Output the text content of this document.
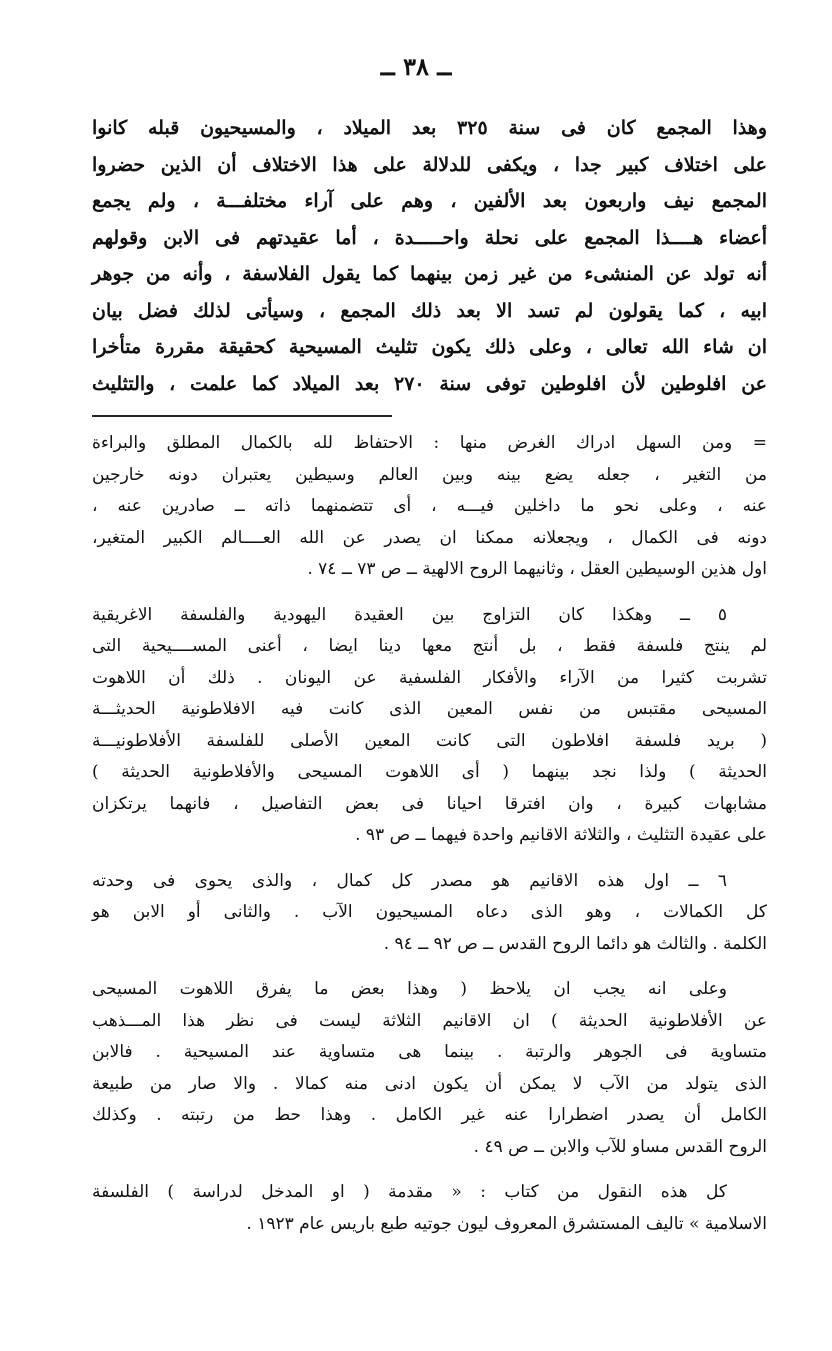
ــ ٣٨ ــ
وهذا المجمع كان فى سنة ٣٢٥ بعد الميلاد ، والمسيحيون قبله كانوا
على اختلاف كبير جدا ، ويكفى للدلالة على هذا الاختلاف أن الذين حضروا
المجمع نيف واربعون بعد الألفين ، وهم على آراء مختلفـــة ، ولم يجمع
أعضاء هــــذا المجمع على نحلة واحـــــدة ، أما عقيدتهم فى الابن وقولهم
أنه تولد عن المنشىء من غير زمن بينهما كما يقول الفلاسفة ، وأنه من جوهر
ابيه ، كما يقولون لم تسد الا بعد ذلك المجمع ، وسيأتى لذلك فضل بيان
ان شاء الله تعالى ، وعلى ذلك يكون تثليث المسيحية كحقيقة مقررة متأخرا
عن افلوطين لأن افلوطين توفى سنة ٢٧٠ بعد الميلاد كما علمت ، والتثليث
= ومن السهل ادراك الغرض منها : الاحتفاظ لله بالكمال المطلق والبراءة
من التغير ، جعله يضع بينه وبين العالم وسيطين يعتبران دونه خارجين
عنه ، وعلى نحو ما داخلين فيـــه ، أى تتضمنهما ذاته ــ صادرين عنه ،
دونه فى الكمال ، ويجعلانه ممكنا ان يصدر عن الله العــــالم الكبير المتغير،
اول هذين الوسيطين العقل ، وثانيهما الروح الالهية ــ ص ٧٣ ــ ٧٤ .
٥ ــ وهكذا كان التزاوج بين العقيدة اليهودية والفلسفة الاغريقية
لم ينتج فلسفة فقط ، بل أنتج معها دينا ايضا ، أعنى المســــيحية التى
تشربت كثيرا من الآراء والأفكار الفلسفية عن اليونان . ذلك أن اللاهوت
المسيحى مقتبس من نفس المعين الذى كانت فيه الافلاطونية الحديثـــة
( بريد فلسفة افلاطون التى كانت المعين الأصلى للفلسفة الأفلاطونيـــة
الحديثة ) ولذا نجد بينهما ( أى اللاهوت المسيحى والأفلاطونية الحديثة )
مشابهات كبيرة ، وان افترقا احيانا فى بعض التفاصيل ، فانهما يرتكزان
على عقيدة التثليث ، والثلاثة الاقانيم واحدة فيهما ــ ص ٩٣ .
٦ ــ اول هذه الاقانيم هو مصدر كل كمال ، والذى يحوى فى وحدته
كل الكمالات ، وهو الذى دعاه المسيحيون الآب . والثانى أو الابن هو
الكلمة . والثالث هو دائما الروح القدس ــ ص ٩٢ ــ ٩٤ .
وعلى انه يجب ان يلاحظ ( وهذا بعض ما يفرق اللاهوت المسيحى
عن الأفلاطونية الحديثة ) ان الاقانيم الثلاثة ليست فى نظر هذا المـــذهب
متساوية فى الجوهر والرتبة . بينما هى متساوية عند المسيحية . فالابن
الذى يتولد من الآب لا يمكن أن يكون ادنى منه كمالا . والا صار من طبيعة
الكامل أن يصدر اضطرارا عنه غير الكامل . وهذا حط من رتبته . وكذلك
الروح القدس مساو للآب والابن ــ ص ٤٩ .
كل هذه النقول من كتاب : « مقدمة ( او المدخل لدراسة ) الفلسفة
الاسلامية » تاليف المستشرق المعروف ليون جوتيه طبع باريس عام ١٩٢٣ .
